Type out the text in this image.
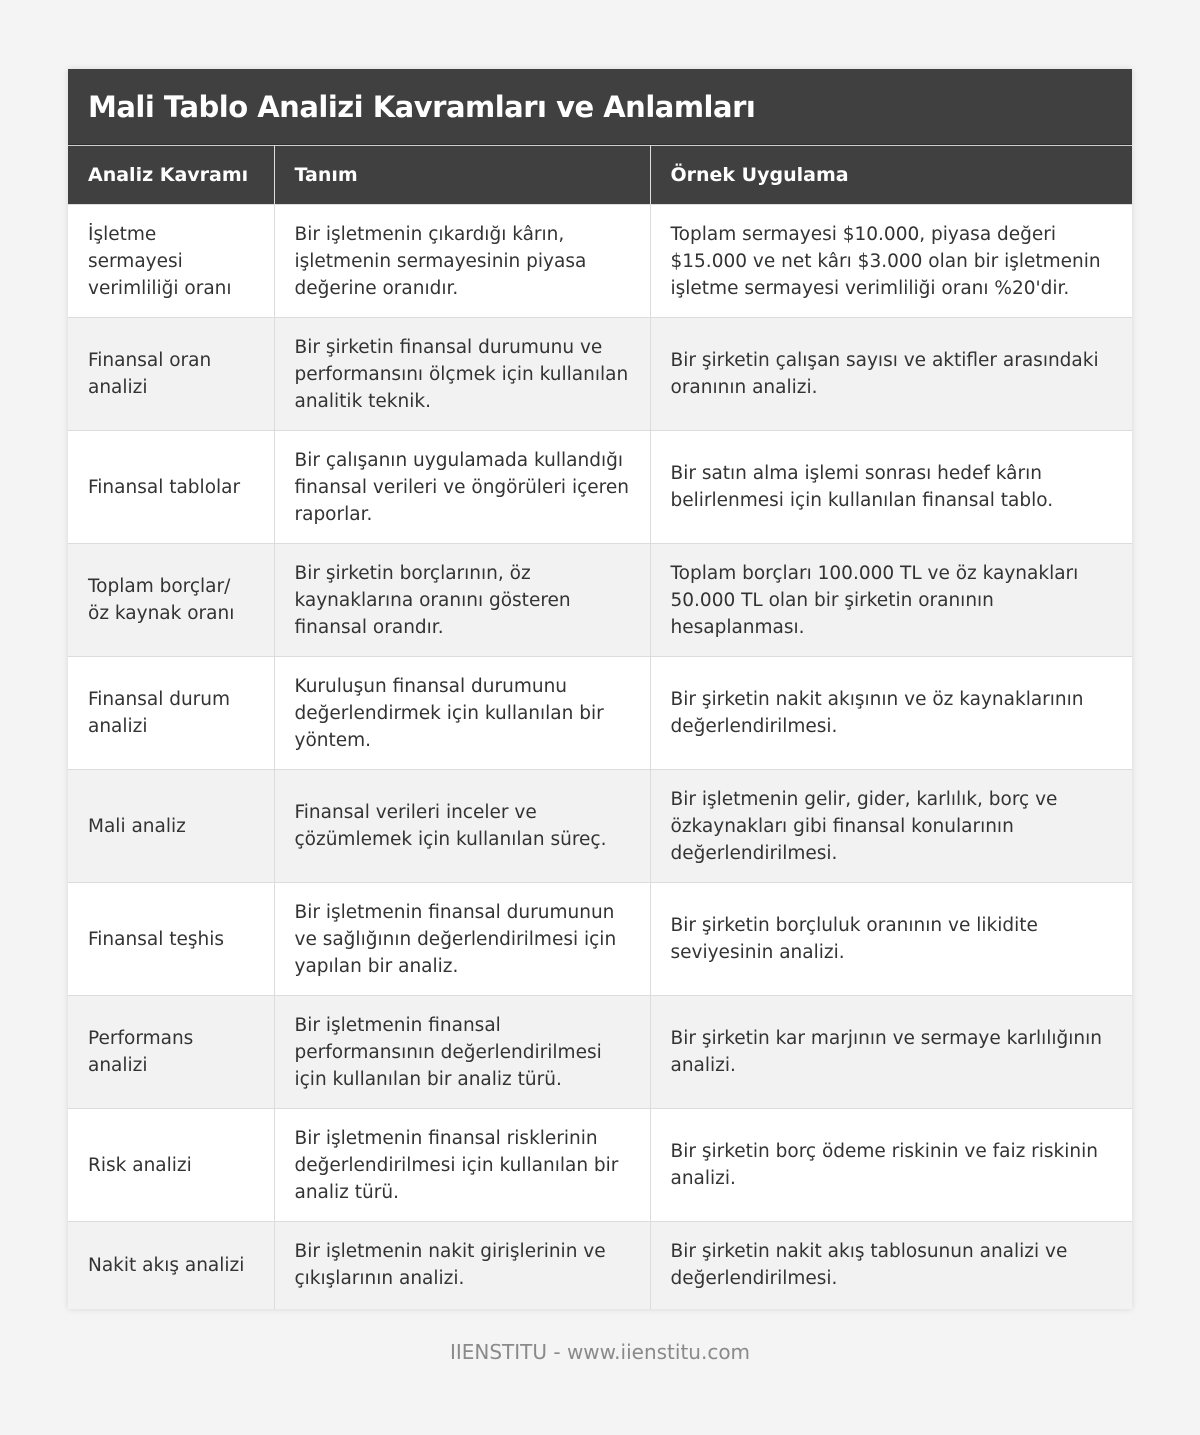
Mali Tablo Analizi Kavramları ve Anlamları
Analiz Kavramı	Tanım	Örnek Uygulama
İşletme sermayesi verimliliği oranı	Bir işletmenin çıkardığı kârın, işletmenin sermayesinin piyasa değerine oranıdır.	Toplam sermayesi $10.000, piyasa değeri $15.000 ve net kârı $3.000 olan bir işletmenin işletme sermayesi verimliliği oranı %20'dir.
Finansal oran analizi	Bir şirketin finansal durumunu ve performansını ölçmek için kullanılan analitik teknik.	Bir şirketin çalışan sayısı ve aktifler arasındaki oranının analizi.
Finansal tablolar	Bir çalışanın uygulamada kullandığı finansal verileri ve öngörüleri içeren raporlar.	Bir satın alma işlemi sonrası hedef kârın belirlenmesi için kullanılan finansal tablo.
Toplam borçlar/ öz kaynak oranı	Bir şirketin borçlarının, öz kaynaklarına oranını gösteren finansal orandır.	Toplam borçları 100.000 TL ve öz kaynakları 50.000 TL olan bir şirketin oranının hesaplanması.
Finansal durum analizi	Kuruluşun finansal durumunu değerlendirmek için kullanılan bir yöntem.	Bir şirketin nakit akışının ve öz kaynaklarının değerlendirilmesi.
Mali analiz	Finansal verileri inceler ve çözümlemek için kullanılan süreç.	Bir işletmenin gelir, gider, karlılık, borç ve özkaynakları gibi finansal konularının değerlendirilmesi.
Finansal teşhis	Bir işletmenin finansal durumunun ve sağlığının değerlendirilmesi için yapılan bir analiz.	Bir şirketin borçluluk oranının ve likidite seviyesinin analizi.
Performans analizi	Bir işletmenin finansal performansının değerlendirilmesi için kullanılan bir analiz türü.	Bir şirketin kar marjının ve sermaye karlılığının analizi.
Risk analizi	Bir işletmenin finansal risklerinin değerlendirilmesi için kullanılan bir analiz türü.	Bir şirketin borç ödeme riskinin ve faiz riskinin analizi.
Nakit akış analizi	Bir işletmenin nakit girişlerinin ve çıkışlarının analizi.	Bir şirketin nakit akış tablosunun analizi ve değerlendirilmesi.
IIENSTITU - www.iienstitu.com
